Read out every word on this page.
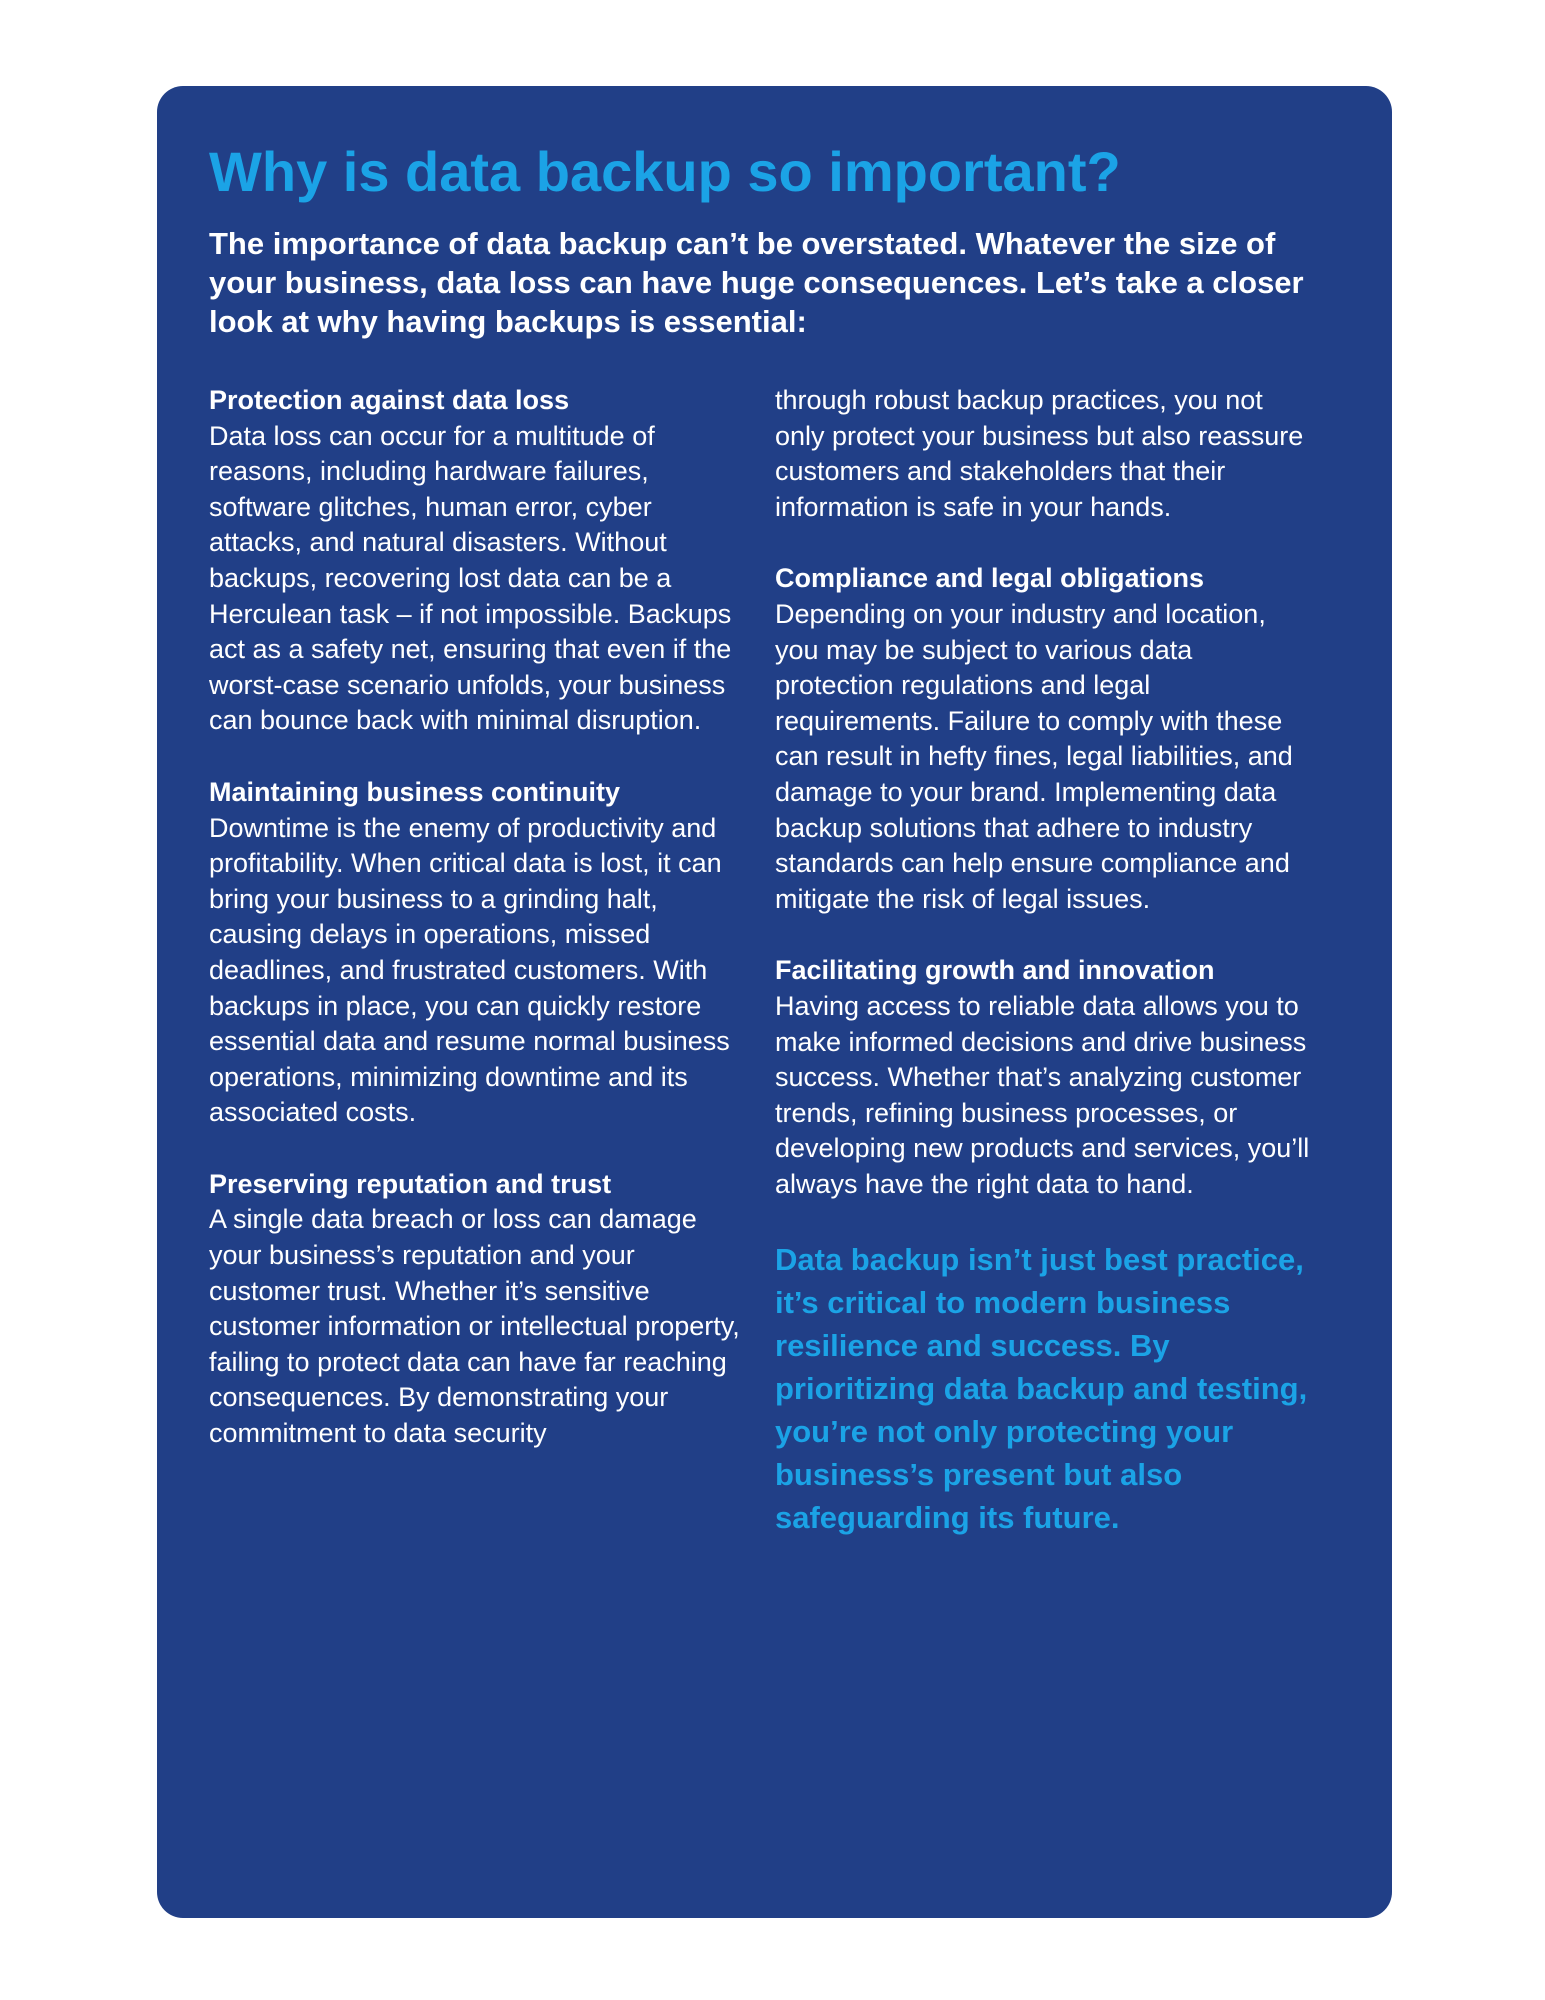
Why is data backup so important?

The importance of data backup can’t be overstated. Whatever the size of your business, data loss can have huge consequences. Let’s take a closer look at why having backups is essential:

Protection against data loss

Data loss can occur for a multitude of reasons, including hardware failures, software glitches, human error, cyber attacks, and natural disasters. Without backups, recovering lost data can be a Herculean task – if not impossible. Backups act as a safety net, ensuring that even if the worst-case scenario unfolds, your business can bounce back with minimal disruption.

Maintaining business continuity

Downtime is the enemy of productivity and profitability. When critical data is lost, it can bring your business to a grinding halt, causing delays in operations, missed deadlines, and frustrated customers. With backups in place, you can quickly restore essential data and resume normal business operations, minimizing downtime and its associated costs.

Preserving reputation and trust

A single data breach or loss can damage your business’s reputation and your customer trust. Whether it’s sensitive customer information or intellectual property, failing to protect data can have far reaching consequences. By demonstrating your commitment to data security

through robust backup practices, you not only protect your business but also reassure customers and stakeholders that their information is safe in your hands.

Compliance and legal obligations

Depending on your industry and location, you may be subject to various data protection regulations and legal requirements. Failure to comply with these can result in hefty fines, legal liabilities, and damage to your brand. Implementing data backup solutions that adhere to industry standards can help ensure compliance and mitigate the risk of legal issues.

Facilitating growth and innovation

Having access to reliable data allows you to make informed decisions and drive business success. Whether that’s analyzing customer trends, refining business processes, or developing new products and services, you’ll always have the right data to hand.

Data backup isn’t just best practice, it’s critical to modern business resilience and success. By prioritizing data backup and testing, you’re not only protecting your business’s present but also safeguarding its future.
